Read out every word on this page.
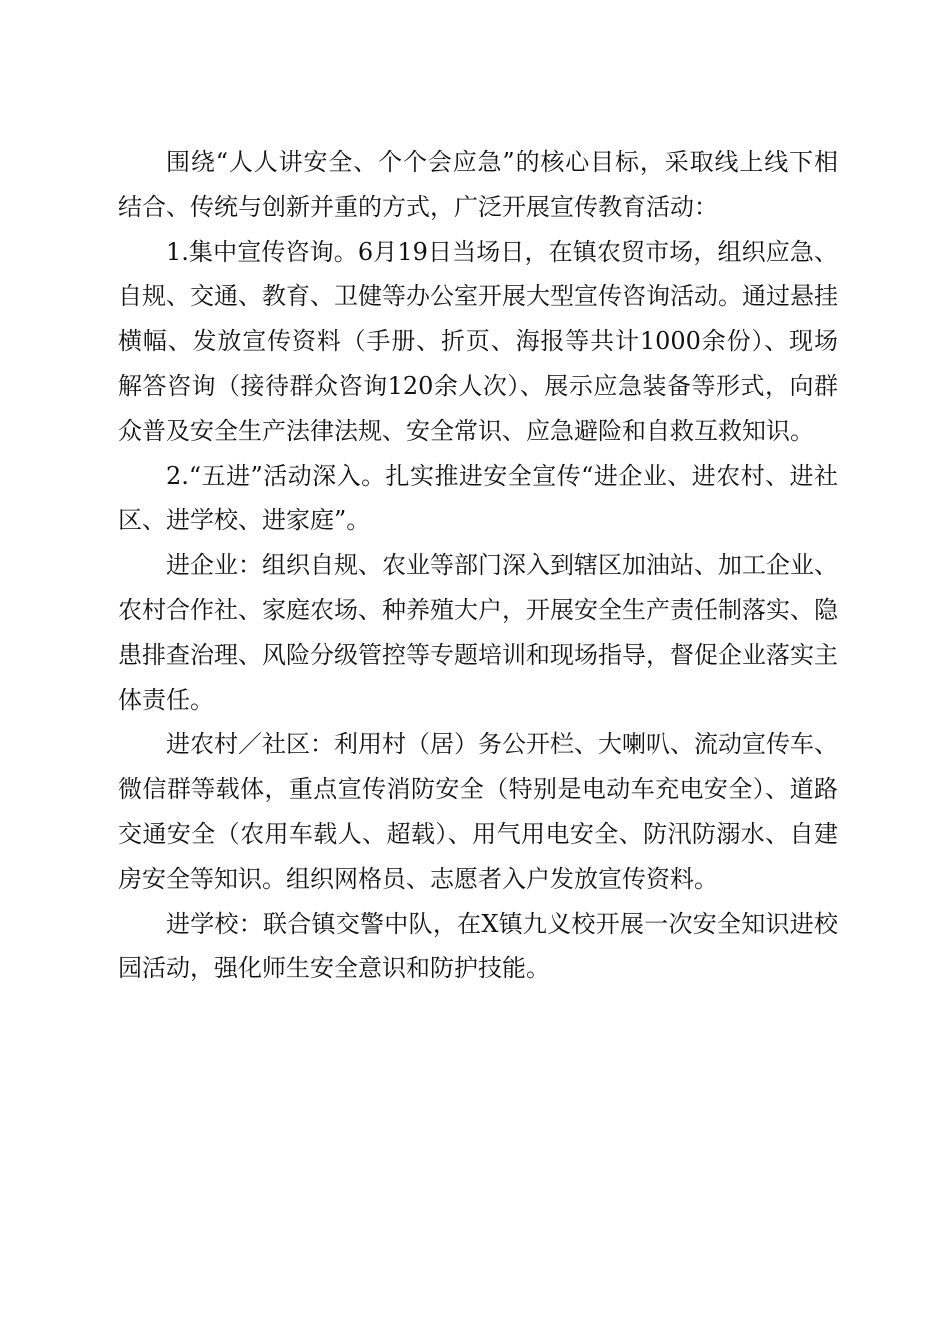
围绕“人人讲安全、个个会应急”的核心目标，采取线上线下相结合、传统与创新并重的方式，广泛开展宣传教育活动：

1.集中宣传咨询。6月19日当场日，在镇农贸市场，组织应急、自规、交通、教育、卫健等办公室开展大型宣传咨询活动。通过悬挂横幅、发放宣传资料（手册、折页、海报等共计1000余份）、现场解答咨询（接待群众咨询120余人次）、展示应急装备等形式，向群众普及安全生产法律法规、安全常识、应急避险和自救互救知识。

2.“五进”活动深入。扎实推进安全宣传“进企业、进农村、进社区、进学校、进家庭”。

进企业：组织自规、农业等部门深入到辖区加油站、加工企业、农村合作社、家庭农场、种养殖大户，开展安全生产责任制落实、隐患排查治理、风险分级管控等专题培训和现场指导，督促企业落实主体责任。

进农村／社区：利用村（居）务公开栏、大喇叭、流动宣传车、微信群等载体，重点宣传消防安全（特别是电动车充电安全）、道路交通安全（农用车载人、超载）、用气用电安全、防汛防溺水、自建房安全等知识。组织网格员、志愿者入户发放宣传资料。

进学校：联合镇交警中队，在X镇九义校开展一次安全知识进校园活动，强化师生安全意识和防护技能。
